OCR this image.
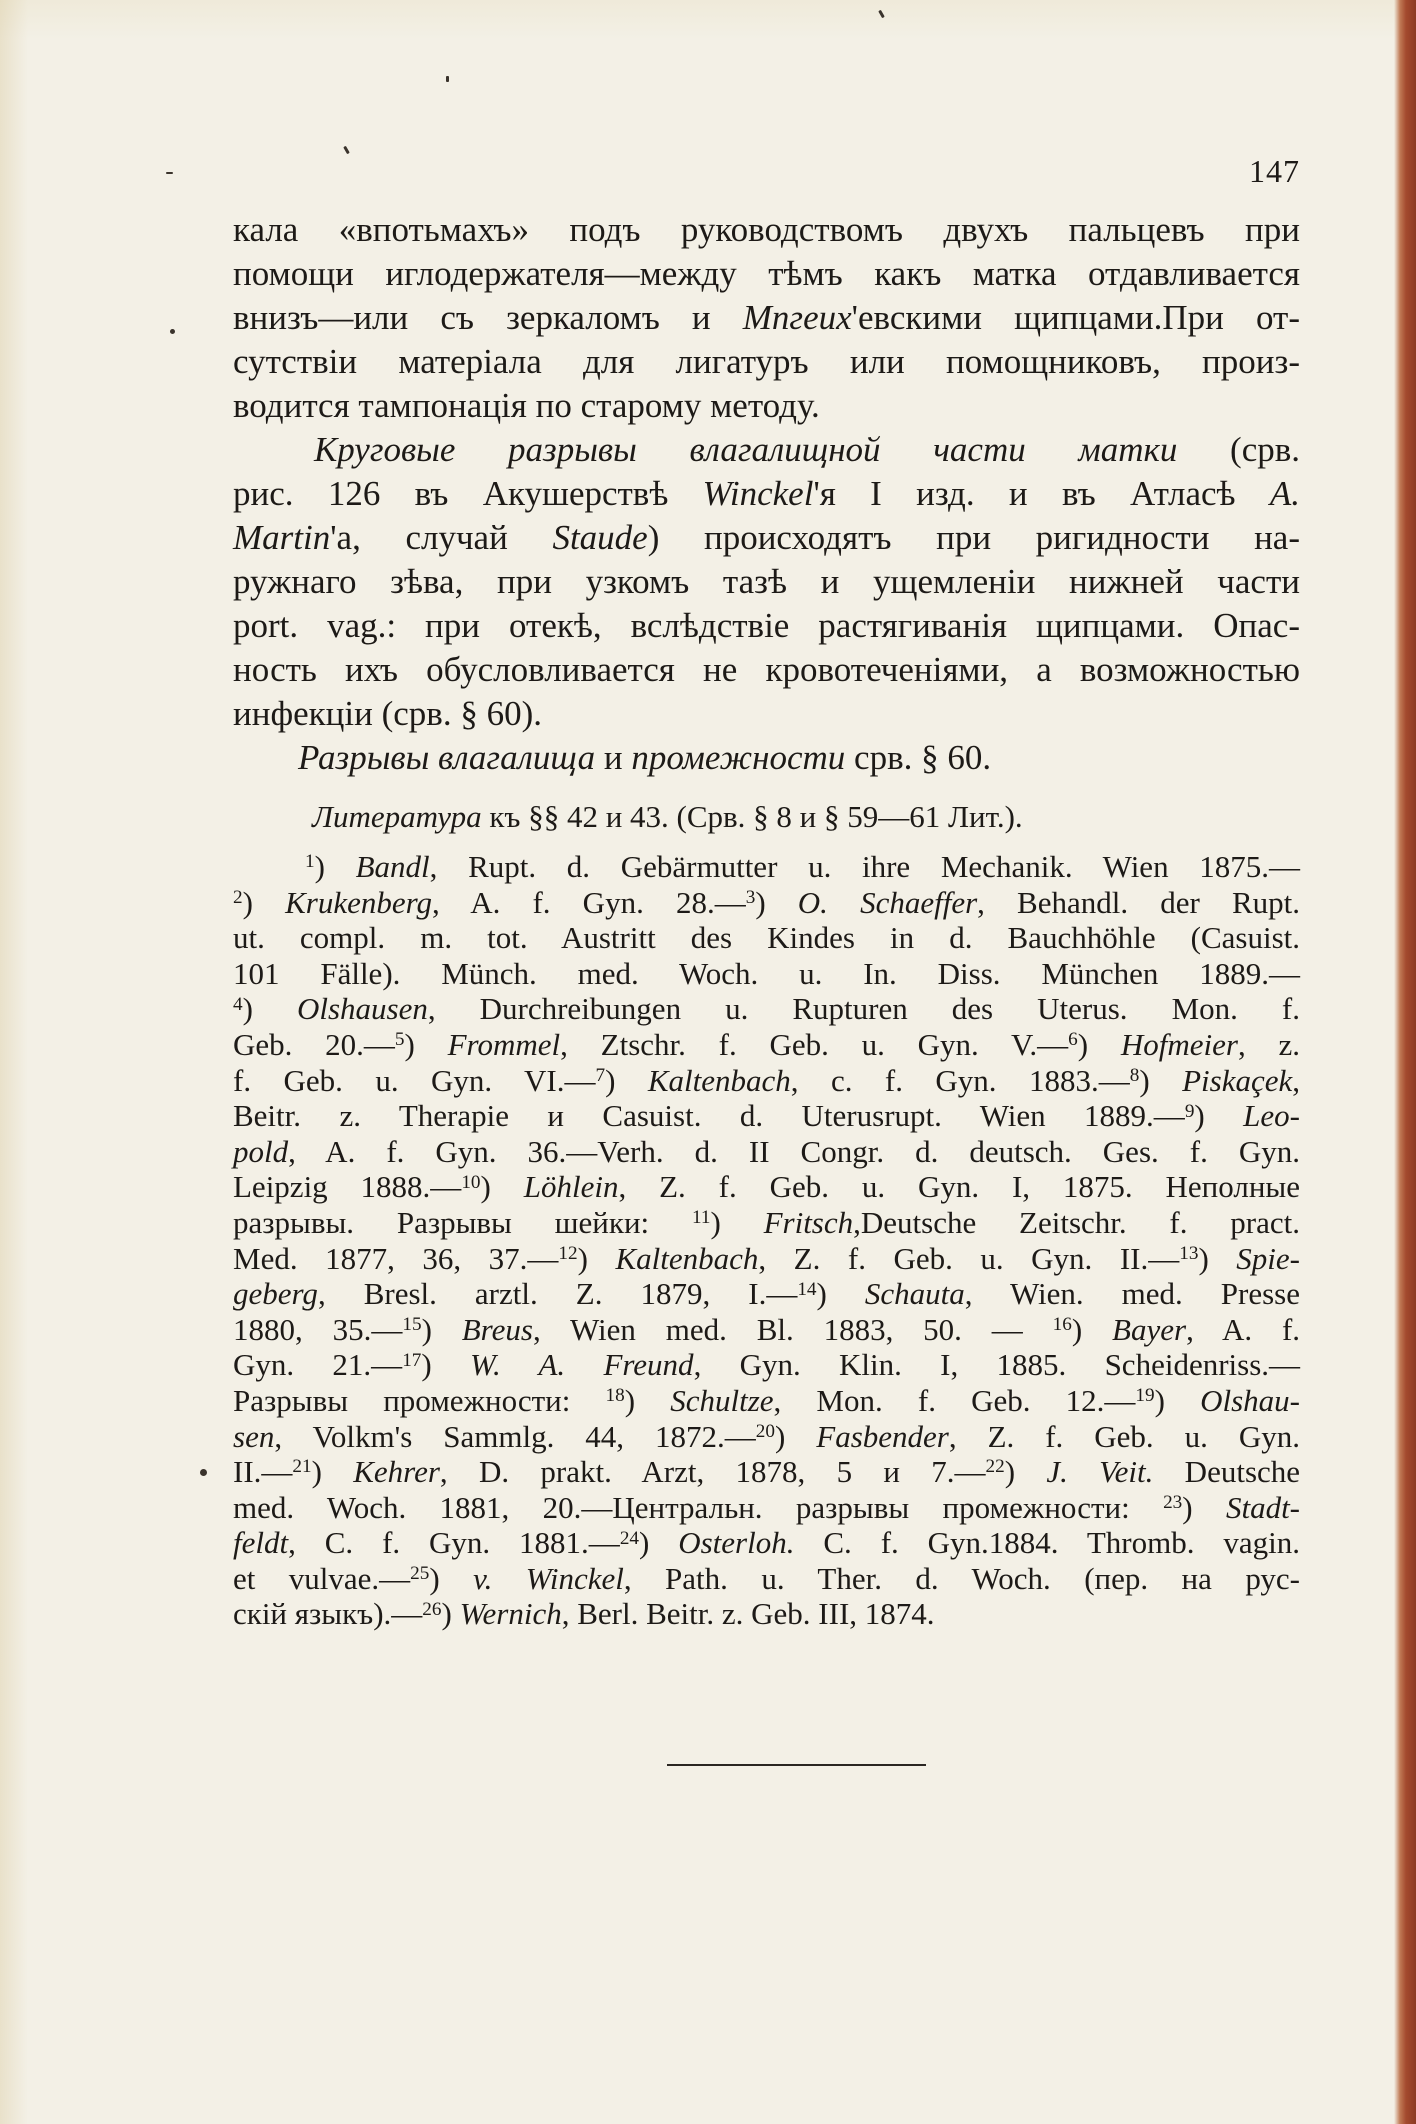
147
кала «впотьмахъ» подъ руководствомъ двухъ пальцевъ при
помощи иглодержателя—между тѣмъ какъ матка отдавливается
внизъ—или съ зеркаломъ и Mпгеих'евскими щипцами.При от-
сутствіи матеріала для лигатуръ или помощниковъ, произ-
водится тампонація по старому методу.
Круговые разрывы влагалищной части матки (срв.
рис. 126 въ Акушерствѣ Winckel'я I изд. и въ Атласѣ A.
Martin'а, случай Staude) происходятъ при ригидности на-
ружнаго зѣва, при узкомъ тазѣ и ущемленіи нижней части
port. vag.: при отекѣ, вслѣдствіе растягиванія щипцами. Опас-
ность ихъ обусловливается не кровотеченіями, а возможностью
инфекціи (срв. § 60).
Разрывы влагалища и промежности срв. § 60.
Литература къ §§ 42 и 43. (Срв. § 8 и § 59—61 Лит.).
$^1$) Bandl, Rupt. d. Gebärmutter u. ihre Mechanik. Wien 1875.—
$^2$) Krukenberg, A. f. Gyn. 28.—$^3$) O. Schaeffer, Behandl. der Rupt.
ut. compl. m. tot. Austritt des Kindes in d. Bauchhöhle (Casuist.
101 Fälle). Münch. med. Woch. u. In. Diss. München 1889.—
$^4$) Olshausen, Durchreibungen u. Rupturen des Uterus. Mon. f.
Geb. 20.—$^5$) Frommel, Ztschr. f. Geb. u. Gyn. V.—$^6$) Hofmeier, z.
f. Geb. u. Gyn. VI.—$^7$) Kaltenbach, c. f. Gyn. 1883.—$^8$) Piskaçek,
Beitr. z. Therapie и Casuist. d. Uterusrupt. Wien 1889.—$^9$) Leo-
pold, A. f. Gyn. 36.—Verh. d. II Congr. d. deutsch. Ges. f. Gyn.
Leipzig 1888.—$^{10}$) Löhlein, Z. f. Geb. u. Gyn. I, 1875. Неполные
разрывы. Разрывы шейки: $^{11}$) Fritsch,Deutsche Zeitschr. f. pract.
Med. 1877, 36, 37.—$^{12}$) Kaltenbach, Z. f. Geb. u. Gyn. II.—$^{13}$) Spie-
geberg, Bresl. arztl. Z. 1879, I.—$^{14}$) Schauta, Wien. med. Presse
1880, 35.—$^{15}$) Breus, Wien med. Bl. 1883, 50. — $^{16}$) Bayer, A. f.
Gyn. 21.—$^{17}$) W. A. Freund, Gyn. Klin. I, 1885. Scheidenriss.—
Разрывы промежности: $^{18}$) Schultze, Mon. f. Geb. 12.—$^{19}$) Olshau-
sen, Volkm's Sammlg. 44, 1872.—$^{20}$) Fasbender, Z. f. Geb. u. Gyn.
II.—$^{21}$) Kehrer, D. prakt. Arzt, 1878, 5 и 7.—$^{22}$) J. Veit. Deutsche
med. Woch. 1881, 20.—Центральн. разрывы промежности: $^{23}$) Stadt-
feldt, C. f. Gyn. 1881.—$^{24}$) Osterloh. C. f. Gyn.1884. Thromb. vagin.
et vulvae.—$^{25}$) v. Winckel, Path. u. Ther. d. Woch. (пер. на рус-
скій языкъ).—$^{26}$) Wernich, Berl. Beitr. z. Geb. III, 1874.
